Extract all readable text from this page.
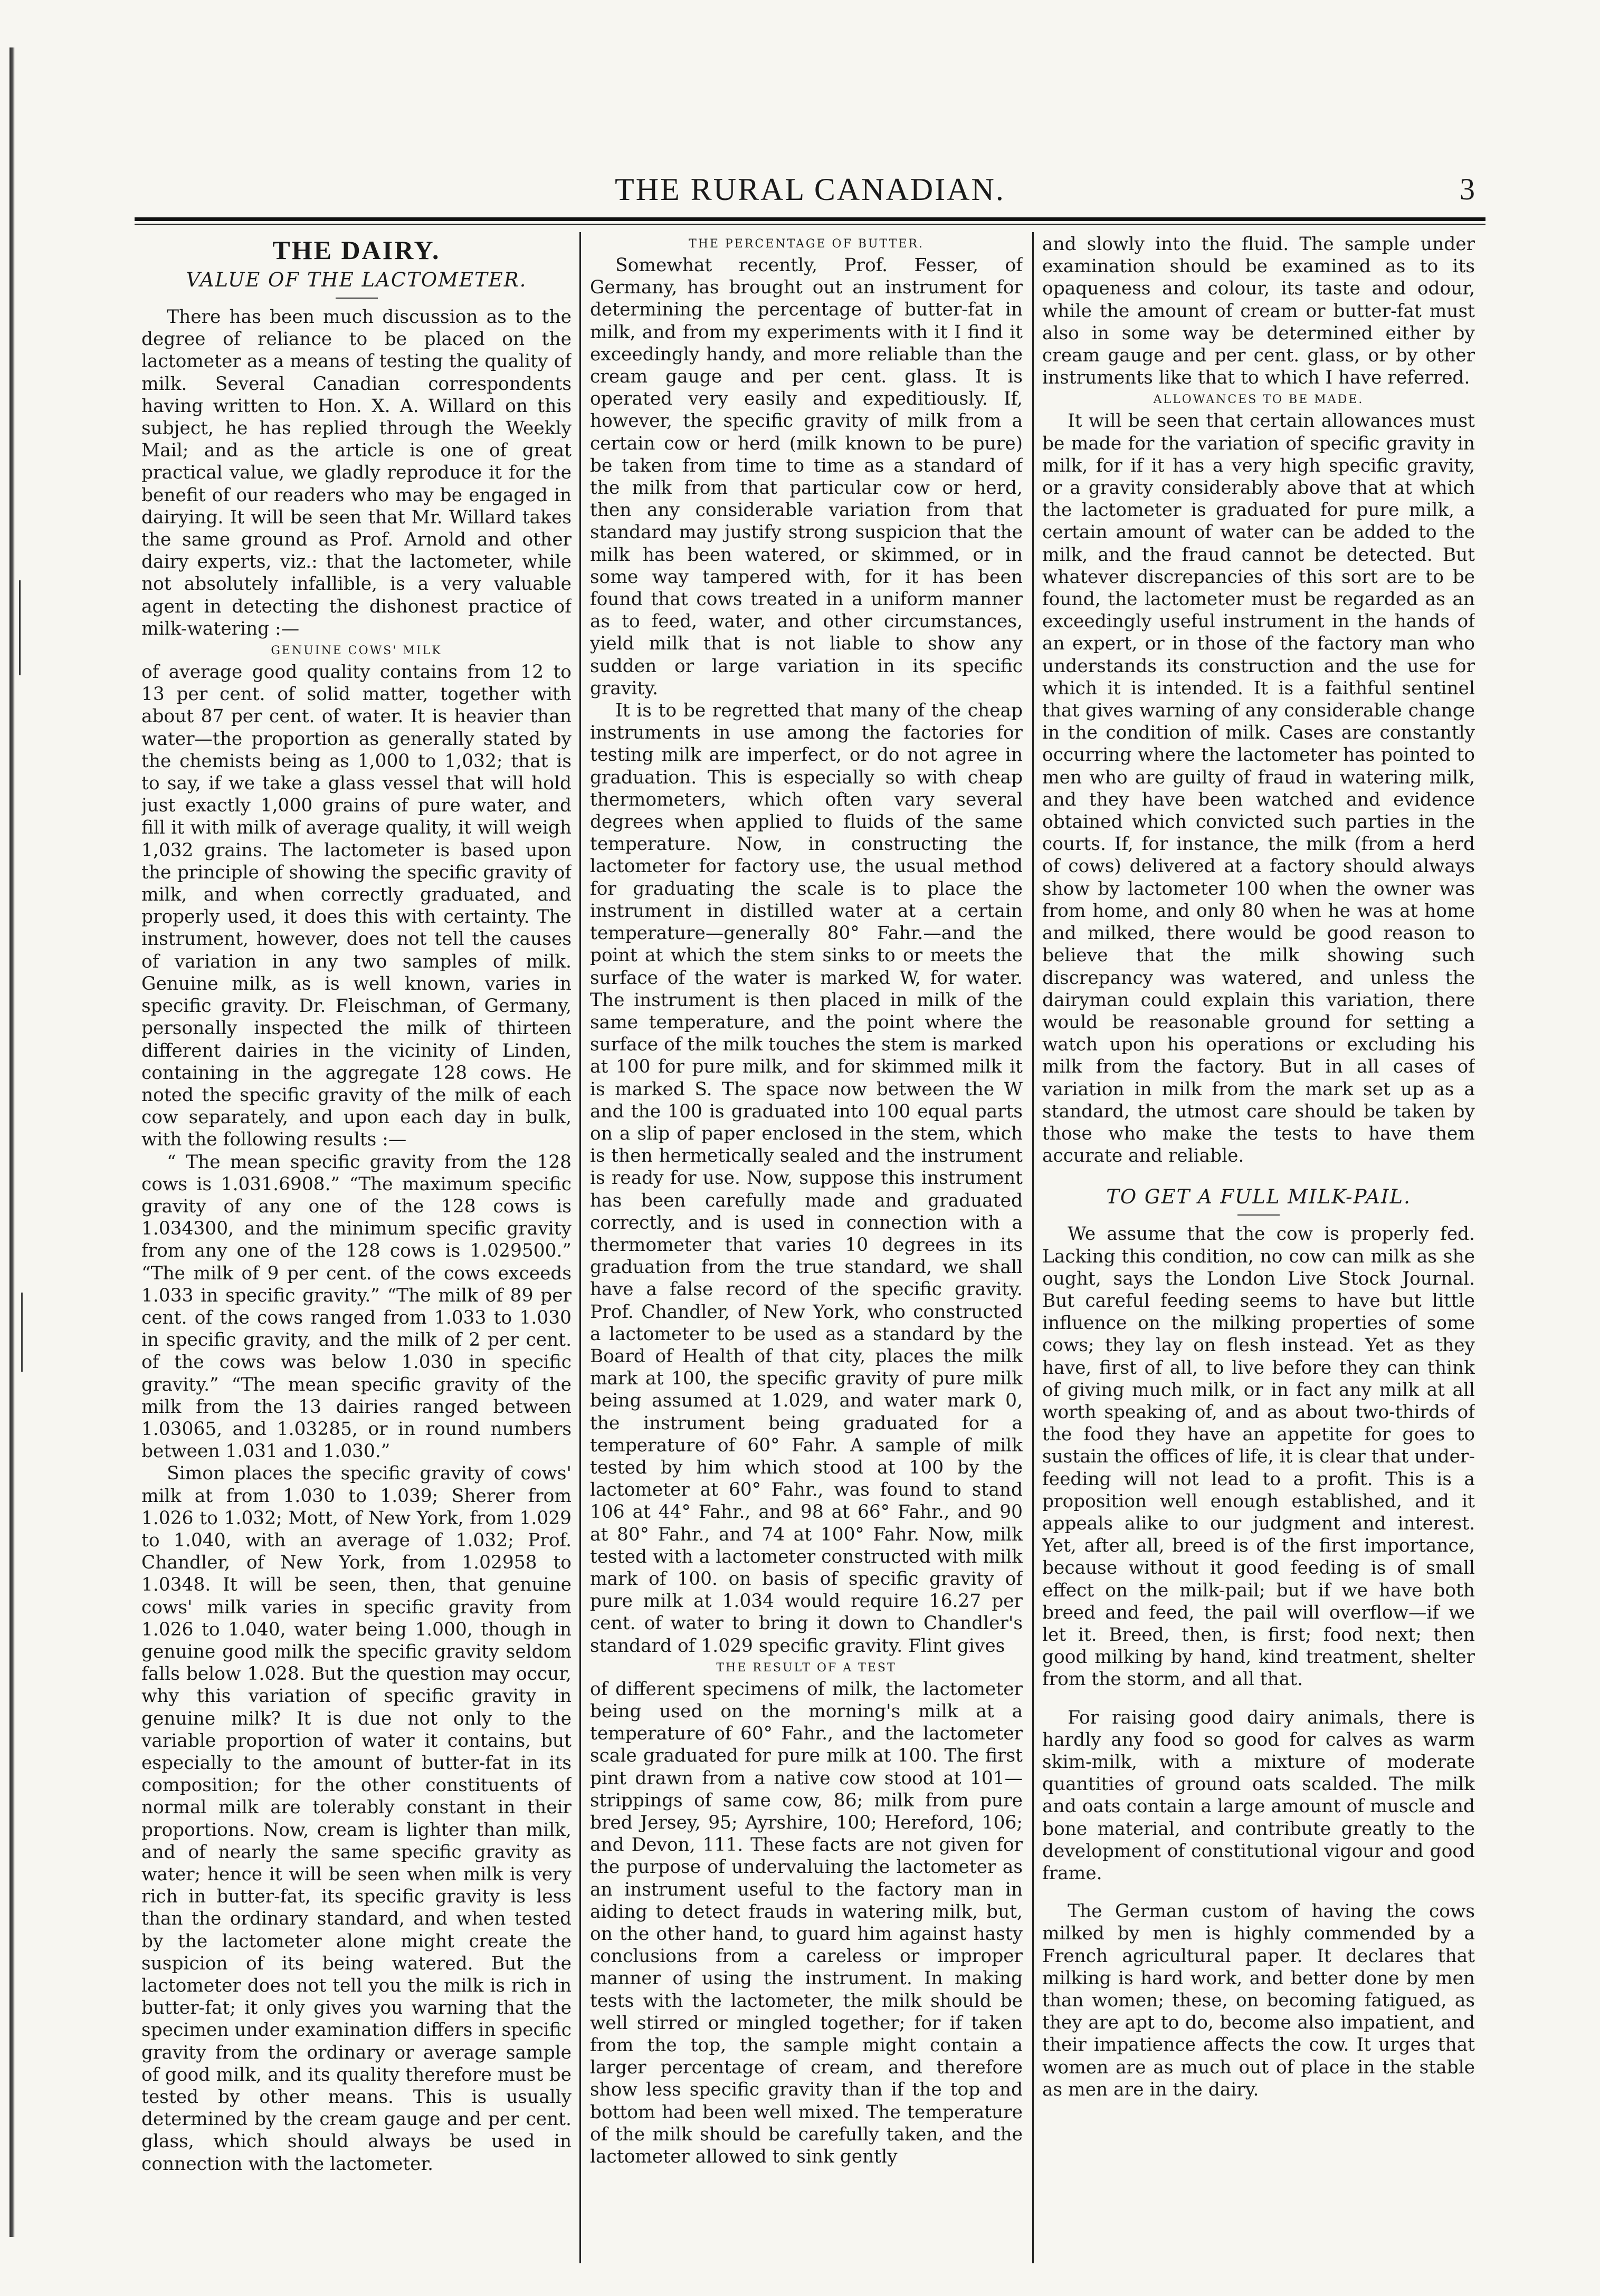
THE RURAL CANADIAN.	3
THE DAIRY.
VALUE OF THE LACTOMETER.

There has been much discussion as to the degree of reliance to be placed on the lactometer as a means of testing the quality of milk. Several Canadian correspondents having written to Hon. X. A. Willard on this subject, he has replied through the Weekly Mail; and as the article is one of great practical value, we gladly reproduce it for the benefit of our readers who may be engaged in dairying. It will be seen that Mr. Willard takes the same ground as Prof. Arnold and other dairy experts, viz.: that the lactometer, while not absolutely infallible, is a very valuable agent in detecting the dishonest practice of milk-watering :—

GENUINE COWS' MILK

of average good quality contains from 12 to 13 per cent. of solid matter, together with about 87 per cent. of water. It is heavier than water—the proportion as generally stated by the chemists being as 1,000 to 1,032; that is to say, if we take a glass vessel that will hold just exactly 1,000 grains of pure water, and fill it with milk of average quality, it will weigh 1,032 grains. The lactometer is based upon the principle of showing the specific gravity of milk, and when correctly graduated, and properly used, it does this with certainty. The instrument, however, does not tell the causes of variation in any two samples of milk. Genuine milk, as is well known, varies in specific gravity. Dr. Fleischman, of Germany, personally inspected the milk of thirteen different dairies in the vicinity of Linden, containing in the aggregate 128 cows. He noted the specific gravity of the milk of each cow separately, and upon each day in bulk, with the following results :—

“ The mean specific gravity from the 128 cows is 1.031.6908.” “The maximum specific gravity of any one of the 128 cows is 1.034300, and the minimum specific gravity from any one of the 128 cows is 1.029500.” “The milk of 9 per cent. of the cows exceeds 1.033 in specific gravity.” “The milk of 89 per cent. of the cows ranged from 1.033 to 1.030 in specific gravity, and the milk of 2 per cent. of the cows was below 1.030 in specific gravity.” “The mean specific gravity of the milk from the 13 dairies ranged between 1.03065, and 1.03285, or in round numbers between 1.031 and 1.030.”

Simon places the specific gravity of cows' milk at from 1.030 to 1.039; Sherer from 1.026 to 1.032; Mott, of New York, from 1.029 to 1.040, with an average of 1.032; Prof. Chandler, of New York, from 1.02958 to 1.0348. It will be seen, then, that genuine cows' milk varies in specific gravity from 1.026 to 1.040, water being 1.000, though in genuine good milk the specific gravity seldom falls below 1.028. But the question may occur, why this variation of specific gravity in genuine milk? It is due not only to the variable proportion of water it contains, but especially to the amount of butter-fat in its composition; for the other constituents of normal milk are tolerably constant in their proportions. Now, cream is lighter than milk, and of nearly the same specific gravity as water; hence it will be seen when milk is very rich in butter-fat, its specific gravity is less than the ordinary standard, and when tested by the lactometer alone might create the suspicion of its being watered. But the lactometer does not tell you the milk is rich in butter-fat; it only gives you warning that the specimen under examination differs in specific gravity from the ordinary or average sample of good milk, and its quality therefore must be tested by other means. This is usually determined by the cream gauge and per cent. glass, which should always be used in connection with the lactometer.

THE PERCENTAGE OF BUTTER.

Somewhat recently, Prof. Fesser, of Germany, has brought out an instrument for determining the percentage of butter-fat in milk, and from my experiments with it I find it exceedingly handy, and more reliable than the cream gauge and per cent. glass. It is operated very easily and expeditiously. If, however, the specific gravity of milk from a certain cow or herd (milk known to be pure) be taken from time to time as a standard of the milk from that particular cow or herd, then any considerable variation from that standard may justify strong suspicion that the milk has been watered, or skimmed, or in some way tampered with, for it has been found that cows treated in a uniform manner as to feed, water, and other circumstances, yield milk that is not liable to show any sudden or large variation in its specific gravity.

It is to be regretted that many of the cheap instruments in use among the factories for testing milk are imperfect, or do not agree in graduation. This is especially so with cheap thermometers, which often vary several degrees when applied to fluids of the same temperature. Now, in constructing the lactometer for factory use, the usual method for graduating the scale is to place the instrument in distilled water at a certain temperature—generally 80° Fahr.—and the point at which the stem sinks to or meets the surface of the water is marked W, for water. The instrument is then placed in milk of the same temperature, and the point where the surface of the milk touches the stem is marked at 100 for pure milk, and for skimmed milk it is marked S. The space now between the W and the 100 is graduated into 100 equal parts on a slip of paper enclosed in the stem, which is then hermetically sealed and the instrument is ready for use. Now, suppose this instrument has been carefully made and graduated correctly, and is used in connection with a thermometer that varies 10 degrees in its graduation from the true standard, we shall have a false record of the specific gravity. Prof. Chandler, of New York, who constructed a lactometer to be used as a standard by the Board of Health of that city, places the milk mark at 100, the specific gravity of pure milk being assumed at 1.029, and water mark 0, the instrument being graduated for a temperature of 60° Fahr. A sample of milk tested by him which stood at 100 by the lactometer at 60° Fahr., was found to stand 106 at 44° Fahr., and 98 at 66° Fahr., and 90 at 80° Fahr., and 74 at 100° Fahr. Now, milk tested with a lactometer constructed with milk mark of 100. on basis of specific gravity of pure milk at 1.034 would require 16.27 per cent. of water to bring it down to Chandler's standard of 1.029 specific gravity. Flint gives

THE RESULT OF A TEST

of different specimens of milk, the lactometer being used on the morning's milk at a temperature of 60° Fahr., and the lactometer scale graduated for pure milk at 100. The first pint drawn from a native cow stood at 101—strippings of same cow, 86; milk from pure bred Jersey, 95; Ayrshire, 100; Hereford, 106; and Devon, 111. These facts are not given for the purpose of undervaluing the lactometer as an instrument useful to the factory man in aiding to detect frauds in watering milk, but, on the other hand, to guard him against hasty conclusions from a careless or improper manner of using the instrument. In making tests with the lactometer, the milk should be well stirred or mingled together; for if taken from the top, the sample might contain a larger percentage of cream, and therefore show less specific gravity than if the top and bottom had been well mixed. The temperature of the milk should be carefully taken, and the lactometer allowed to sink gently

and slowly into the fluid. The sample under examination should be examined as to its opaqueness and colour, its taste and odour, while the amount of cream or butter-fat must also in some way be determined either by cream gauge and per cent. glass, or by other instruments like that to which I have referred.

ALLOWANCES TO BE MADE.

It will be seen that certain allowances must be made for the variation of specific gravity in milk, for if it has a very high specific gravity, or a gravity considerably above that at which the lactometer is graduated for pure milk, a certain amount of water can be added to the milk, and the fraud cannot be detected. But whatever discrepancies of this sort are to be found, the lactometer must be regarded as an exceedingly useful instrument in the hands of an expert, or in those of the factory man who understands its construction and the use for which it is intended. It is a faithful sentinel that gives warning of any considerable change in the condition of milk. Cases are constantly occurring where the lactometer has pointed to men who are guilty of fraud in watering milk, and they have been watched and evidence obtained which convicted such parties in the courts. If, for instance, the milk (from a herd of cows) delivered at a factory should always show by lactometer 100 when the owner was from home, and only 80 when he was at home and milked, there would be good reason to believe that the milk showing such discrepancy was watered, and unless the dairyman could explain this variation, there would be reasonable ground for setting a watch upon his operations or excluding his milk from the factory. But in all cases of variation in milk from the mark set up as a standard, the utmost care should be taken by those who make the tests to have them accurate and reliable.

TO GET A FULL MILK-PAIL.

We assume that the cow is properly fed. Lacking this condition, no cow can milk as she ought, says the London Live Stock Journal. But careful feeding seems to have but little influence on the milking properties of some cows; they lay on flesh instead. Yet as they have, first of all, to live before they can think of giving much milk, or in fact any milk at all worth speaking of, and as about two-thirds of the food they have an appetite for goes to sustain the offices of life, it is clear that under-feeding will not lead to a profit. This is a proposition well enough established, and it appeals alike to our judgment and interest. Yet, after all, breed is of the first importance, because without it good feeding is of small effect on the milk-pail; but if we have both breed and feed, the pail will overflow—if we let it. Breed, then, is first; food next; then good milking by hand, kind treatment, shelter from the storm, and all that.

For raising good dairy animals, there is hardly any food so good for calves as warm skim-milk, with a mixture of moderate quantities of ground oats scalded. The milk and oats contain a large amount of muscle and bone material, and contribute greatly to the development of constitutional vigour and good frame.

The German custom of having the cows milked by men is highly commended by a French agricultural paper. It declares that milking is hard work, and better done by men than women; these, on becoming fatigued, as they are apt to do, become also impatient, and their impatience affects the cow. It urges that women are as much out of place in the stable as men are in the dairy.
